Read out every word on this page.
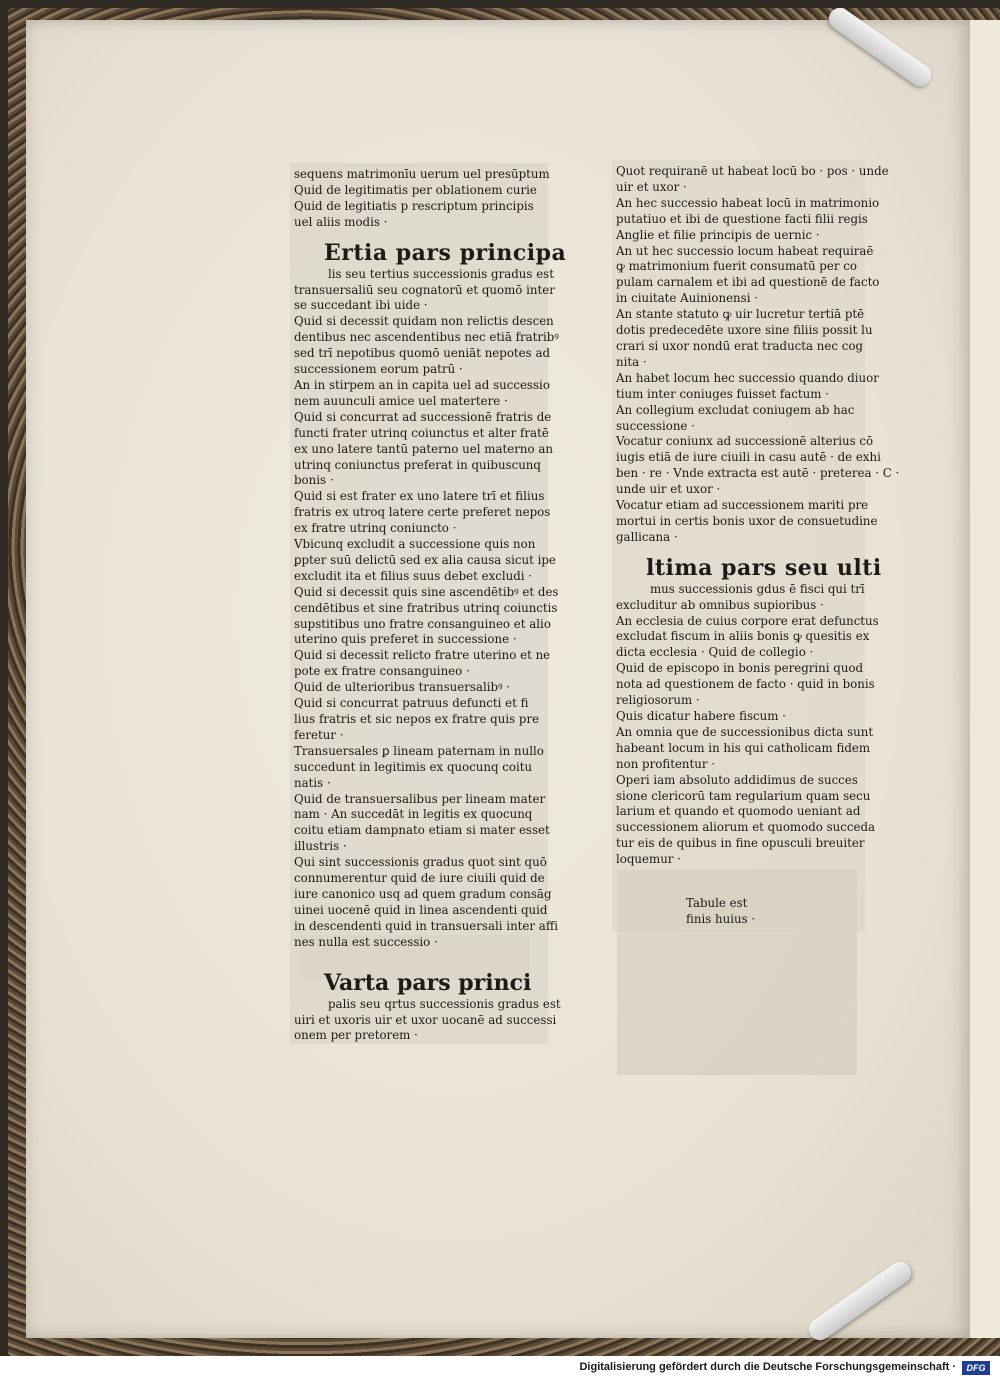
sequens matrimonīu uerum uel presūptum
Quid de legitimatis per oblationem curie
Quid de legitiatis p rescriptum principis
uel aliis modis ·
Ertia pars principa
lis seu tertius successionis gradus est
transuersaliū seu cognatorū et quomō inter
se succedant ibi uide ·
Quid si decessit quidam non relictis descen
dentibus nec ascendentibus nec etiā fratribꝰ
sed trī nepotibus quomō ueniāt nepotes ad
successionem eorum patrū ·
An in stirpem an in capita uel ad successio
nem auunculi amice uel matertere ·
Quid si concurrat ad successionē fratris de
functi frater utrinq coiunctus et alter fratē
ex uno latere tantū paterno uel materno an
utrinq coniunctus preferat in quibuscunq
bonis ·
Quid si est frater ex uno latere trī et filius
fratris ex utroq latere certe preferet nepos
ex fratre utrinq coniuncto ·
Vbicunq excludit a successione quis non
ꝑpter suū delictū sed ex alia causa sicut ipe
excludit ita et filius suus debet excludi ·
Quid si decessit quis sine ascendētibꝰ et des
cendētibus et sine fratribus utrinq coiunctis
supstitibus uno fratre consanguineo et alio
uterino quis preferet in successione ·
Quid si decessit relicto fratre uterino et ne
pote ex fratre consanguineo ·
Quid de ulterioribus transuersalibꝰ ·
Quid si concurrat patruus defuncti et fi
lius fratris et sic nepos ex fratre quis pre
feretur ·
Transuersales ꝑ lineam paternam in nullo
succedunt in legitimis ex quocunq coitu
natis ·
Quid de transuersalibus per lineam mater
nam · An succedāt in legitis ex quocunq
coitu etiam dampnato etiam si mater esset
illustris ·
Qui sint successionis gradus quot sint quō
connumerentur quid de iure ciuili quid de
iure canonico usq ad quem gradum consāg
uinei uocenē quid in linea ascendenti quid
in descendenti quid in transuersali inter affi
nes nulla est successio ·
Varta pars princi
palis seu qrtus successionis gradus est
uiri et uxoris uir et uxor uocanē ad successi
onem per pretorem ·
Quot requiranē ut habeat locū bo · pos · unde
uir et uxor ·
An hec successio habeat locū in matrimonio
putatiuo et ibi de questione facti filii regis
Anglie et filie principis de uernic ·
An ut hec successio locum habeat requiraē
ꝙ matrimonium fuerit consumatū per co
pulam carnalem et ibi ad questionē de facto
in ciuitate Auinionensi ·
An stante statuto ꝙ uir lucretur tertiā ptē
dotis predecedēte uxore sine filiis possit lu
crari si uxor nondū erat traducta nec cog
nita ·
An habet locum hec successio quando diuor
tium inter coniuges fuisset factum ·
An collegium excludat coniugem ab hac
successione ·
Vocatur coniunx ad successionē alterius cō
iugis etiā de iure ciuili in casu autē · de exhi
ben · re · Vnde extracta est autē · preterea · C ·
unde uir et uxor ·
Vocatur etiam ad successionem mariti pre
mortui in certis bonis uxor de consuetudine
gallicana ·
ltima pars seu ulti
mus successionis gdus ē fisci qui trī
excluditur ab omnibus supioribus ·
An ecclesia de cuius corpore erat defunctus
excludat fiscum in aliis bonis ꝙ quesitis ex
dicta ecclesia · Quid de collegio ·
Quid de episcopo in bonis peregrini quod
nota ad questionem de facto · quid in bonis
religiosorum ·
Quis dicatur habere fiscum ·
An omnia que de successionibus dicta sunt
habeant locum in his qui catholicam fidem
non profitentur ·
Operi iam absoluto addidimus de succes
sione clericorū tam regularium quam secu
larium et quando et quomodo ueniant ad
successionem aliorum et quomodo succeda
tur eis de quibus in fine opusculi breuiter
loquemur ·
Tabule est
finis huius ·
Digitalisierung gefördert durch die Deutsche Forschungsgemeinschaft ·	DFG
